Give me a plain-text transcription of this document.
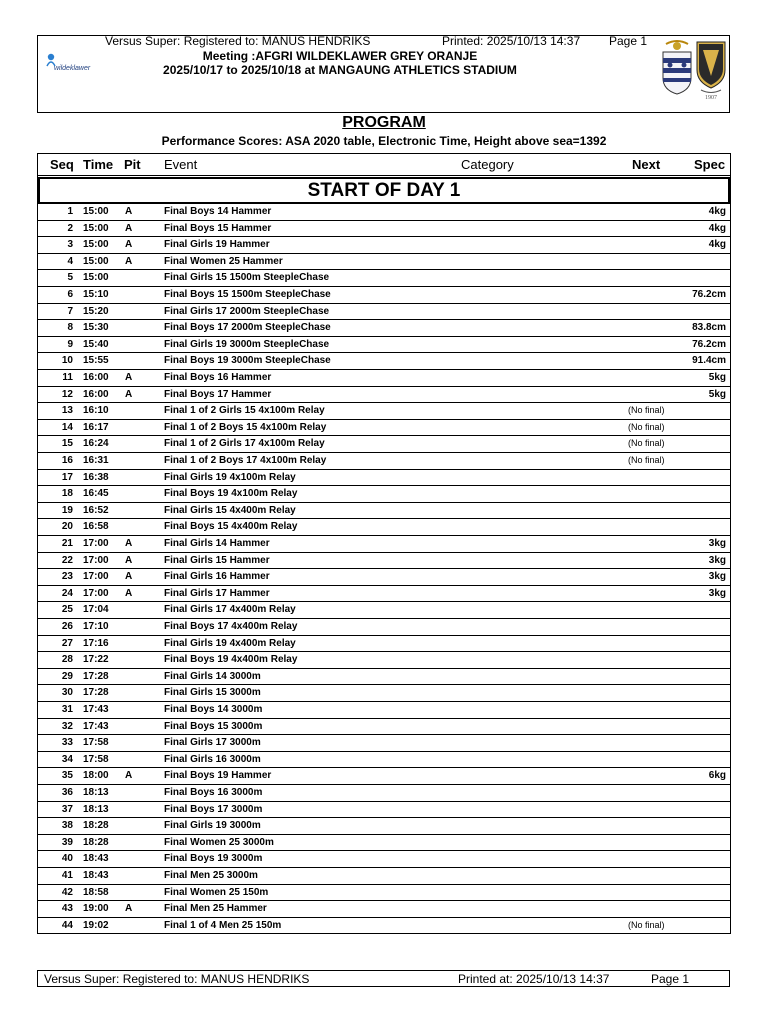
Versus Super: Registered to: MANUS HENDRIKS	Printed: 2025/10/13 14:37 Page 1
Meeting :AFGRI WILDEKLAWER GREY ORANJE
2025/10/17 to 2025/10/18 at MANGAUNG ATHLETICS STADIUM
wildeklawer
1907
PROGRAM
Performance Scores: ASA 2020 table, Electronic Time, Height above sea=1392
Seq Time Pit Event	Category	Next	Spec
START OF DAY 1
1 15:00 A	Final Boys 14 Hammer	4kg
2 15:00 A	Final Boys 15 Hammer	4kg
3 15:00 A	Final Girls 19 Hammer	4kg
4 15:00 A	Final Women 25 Hammer
5 15:00	Final Girls 15 1500m SteepleChase
6 15:10	Final Boys 15 1500m SteepleChase	76.2cm
7 15:20	Final Girls 17 2000m SteepleChase
8 15:30	Final Boys 17 2000m SteepleChase	83.8cm
9 15:40	Final Girls 19 3000m SteepleChase	76.2cm
10 15:55	Final Boys 19 3000m SteepleChase	91.4cm
11 16:00 A	Final Boys 16 Hammer	5kg
12 16:00 A	Final Boys 17 Hammer	5kg
13 16:10	Final 1 of 2 Girls 15 4x100m Relay	(No final)
14 16:17	Final 1 of 2 Boys 15 4x100m Relay	(No final)
15 16:24	Final 1 of 2 Girls 17 4x100m Relay	(No final)
16 16:31	Final 1 of 2 Boys 17 4x100m Relay	(No final)
17 16:38	Final Girls 19 4x100m Relay
18 16:45	Final Boys 19 4x100m Relay
19 16:52	Final Girls 15 4x400m Relay
20 16:58	Final Boys 15 4x400m Relay
21 17:00 A	Final Girls 14 Hammer	3kg
22 17:00 A	Final Girls 15 Hammer	3kg
23 17:00 A	Final Girls 16 Hammer	3kg
24 17:00 A	Final Girls 17 Hammer	3kg
25 17:04	Final Girls 17 4x400m Relay
26 17:10	Final Boys 17 4x400m Relay
27 17:16	Final Girls 19 4x400m Relay
28 17:22	Final Boys 19 4x400m Relay
29 17:28	Final Girls 14 3000m
30 17:28	Final Girls 15 3000m
31 17:43	Final Boys 14 3000m
32 17:43	Final Boys 15 3000m
33 17:58	Final Girls 17 3000m
34 17:58	Final Girls 16 3000m
35 18:00 A	Final Boys 19 Hammer	6kg
36 18:13	Final Boys 16 3000m
37 18:13	Final Boys 17 3000m
38 18:28	Final Girls 19 3000m
39 18:28	Final Women 25 3000m
40 18:43	Final Boys 19 3000m
41 18:43	Final Men 25 3000m
42 18:58	Final Women 25 150m
43 19:00 A	Final Men 25 Hammer
44 19:02	Final 1 of 4 Men 25 150m	(No final)
Versus Super: Registered to: MANUS HENDRIKS	Printed at: 2025/10/13 14:37	Page 1
